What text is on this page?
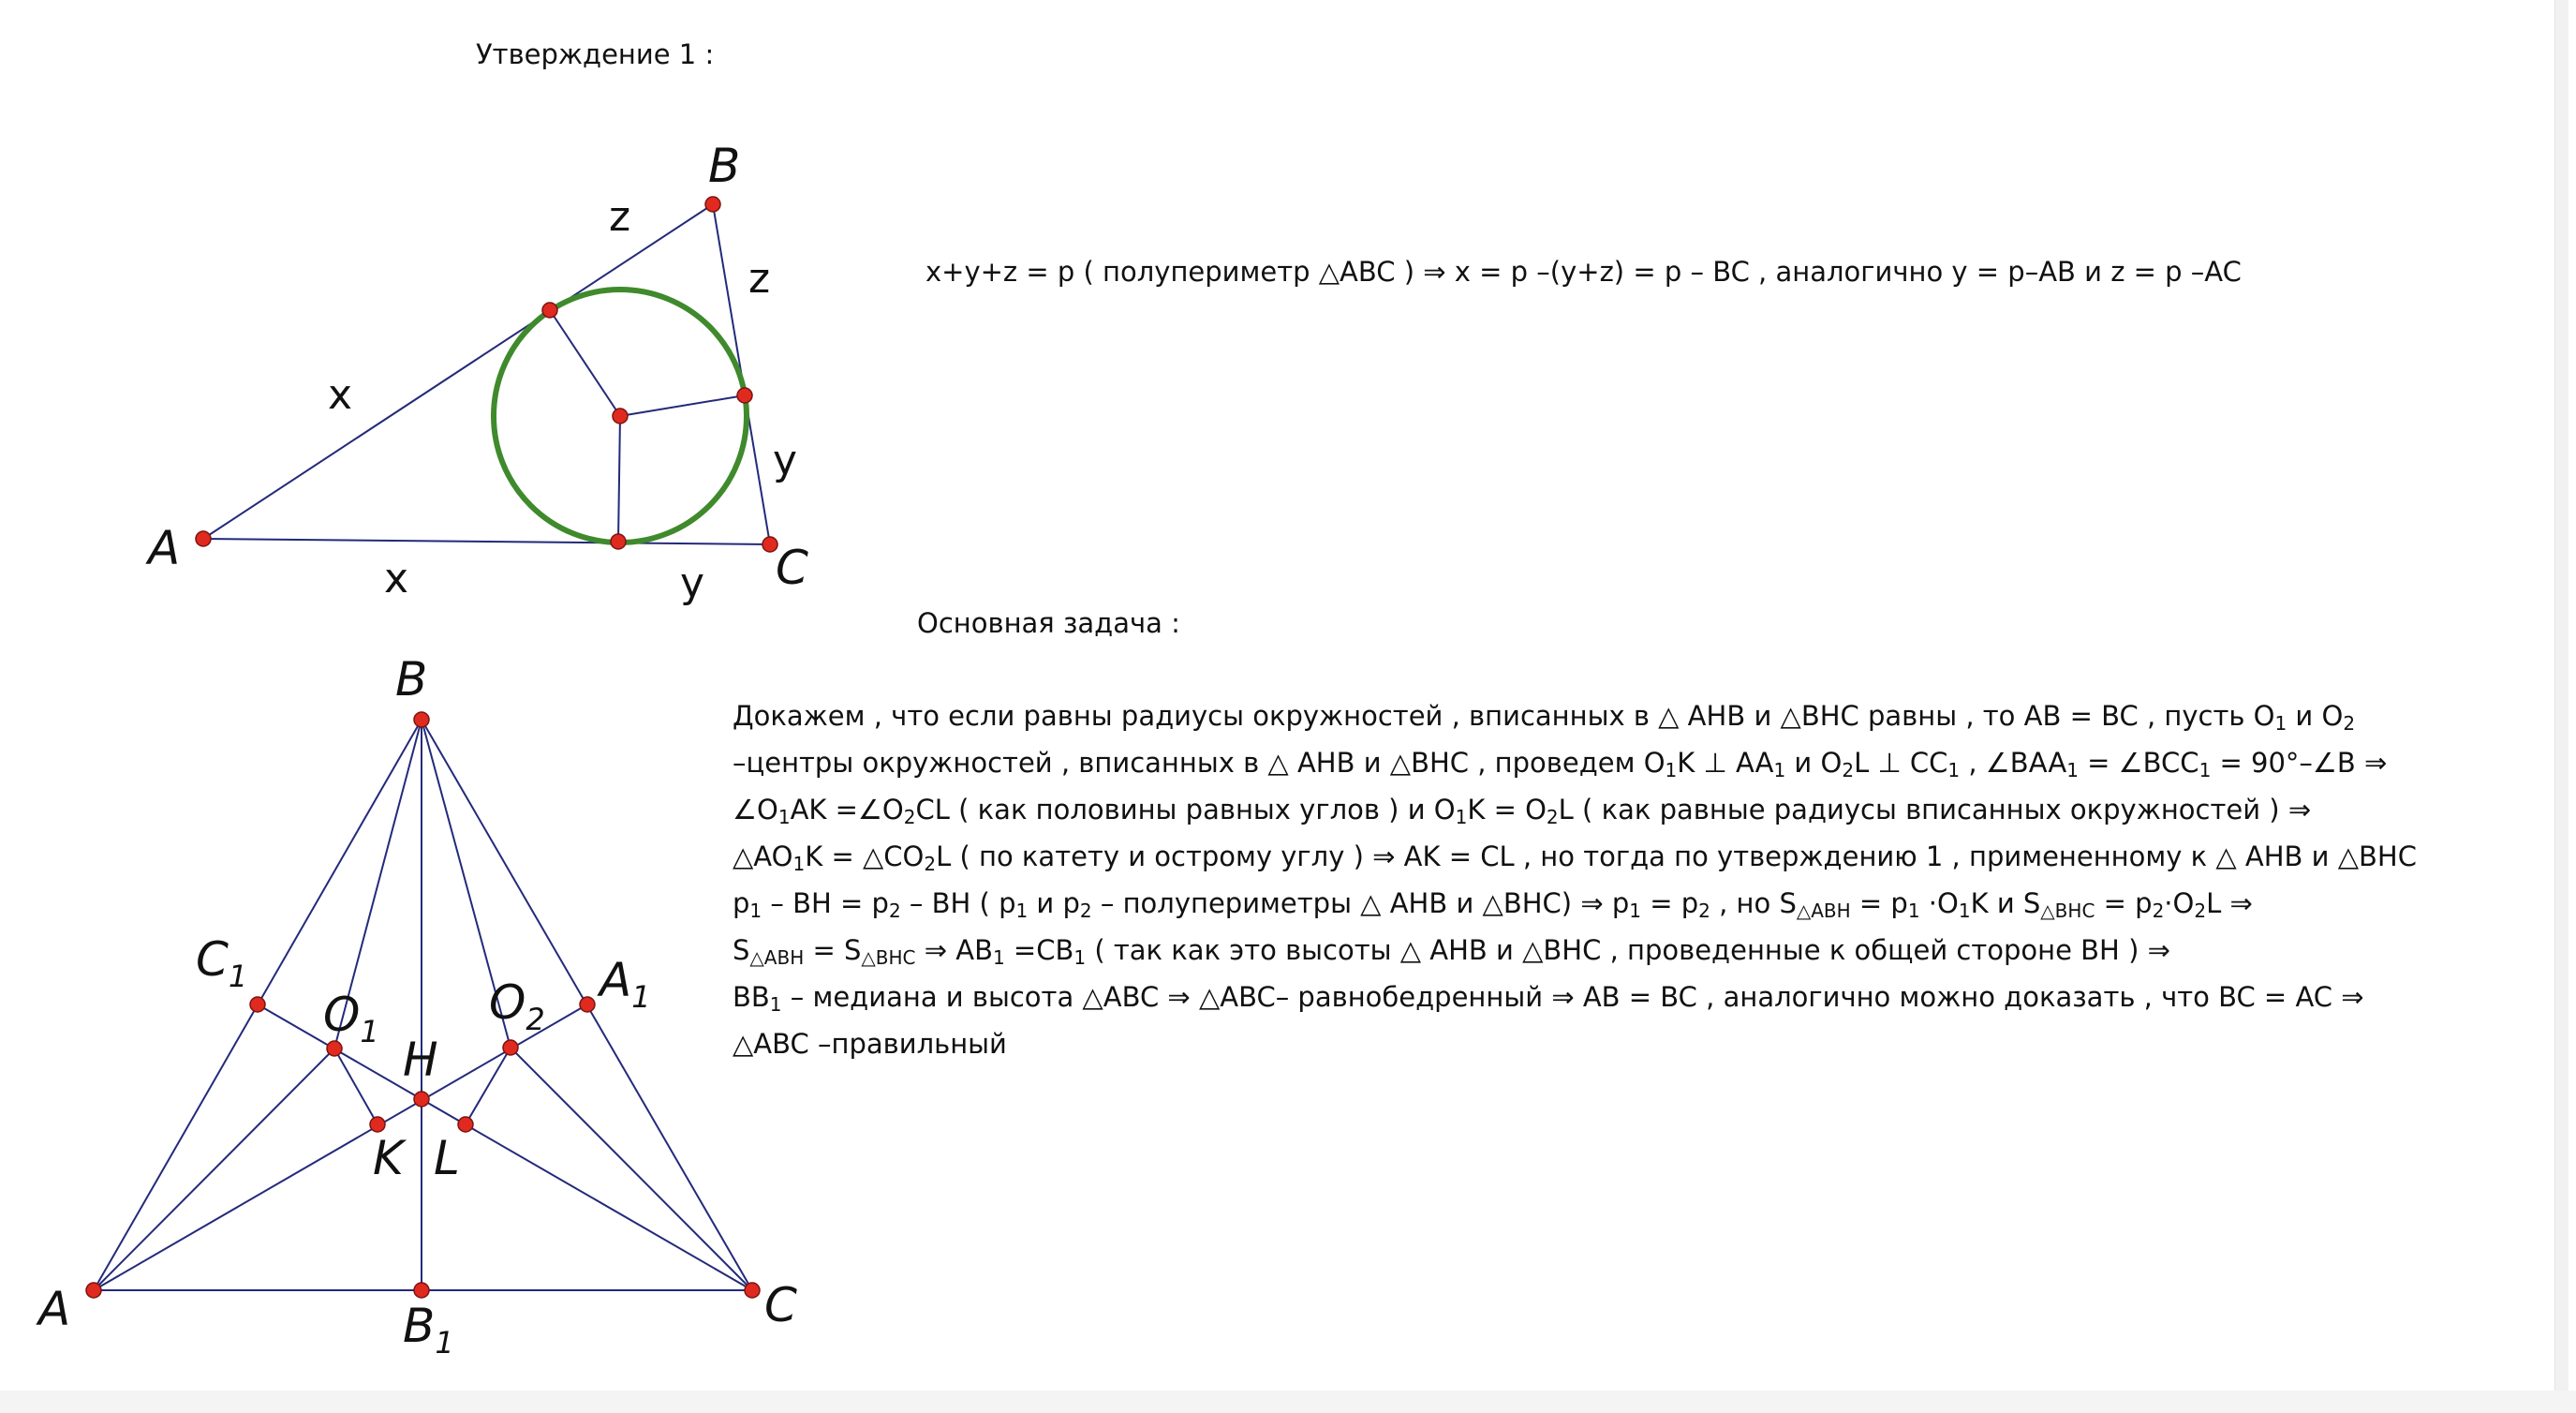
Утверждение 1 :
Основная задача :
x+y+z = p ( полупериметр △ABC ) ⇒ x = p –(y+z) = p – BC , аналогично y = p–AB и z = p –AC
Докажем , что если равны радиусы окружностей , вписанных в △ AHB и △BHC равны , то AB = BC , пусть $O_1$ и $O_2$
–центры окружностей , вписанных в △ AHB и △BHC , проведем $O_1K$ ⊥ $AA_1$ и $O_2L$ ⊥ $CC_1$ , $\angle BAA_1$ = $\angle BCC_1$ = 90°–∠B ⇒
$\angle O_1AK$ $=\angle O_2CL$ ( как половины равных углов ) и $O_1K = O_2L$ ( как равные радиусы вписанных окружностей ) ⇒
$\triangle AO_1K$ = $\triangle CO_2L$ ( по катету и острому углу ) ⇒ AK = CL , но тогда по утверждению 1 , примененному к △ AHB и △BHC
$p_1$ – BH = $p_2$ – BH ( $p_1$ и $p_2$ – полупериметры △ AHB и △BHC) ⇒ $p_1 = p_2$ , но $S_{\triangle ABH} = p_1 \cdot O_1K$ и $S_{\triangle BHC} = p_2\cdot O_2L$ ⇒
$S_{\triangle ABH} = S_{\triangle BHC}$ ⇒ $AB_1 =CB_1$ ( так как это высоты △ AHB и △BHC , проведенные к общей стороне BH ) ⇒
$BB_1$ – медиана и высота △ABC ⇒ △ABC– равнобедренный ⇒ AB = BC , аналогично можно доказать , что BC = AC ⇒
△ABC –правильный
A
B
C
x
x	y
y
z
z
A
B
C
$B_1$
$C_1$	$A_1$
$O_1$
$O_2$
H
K L
